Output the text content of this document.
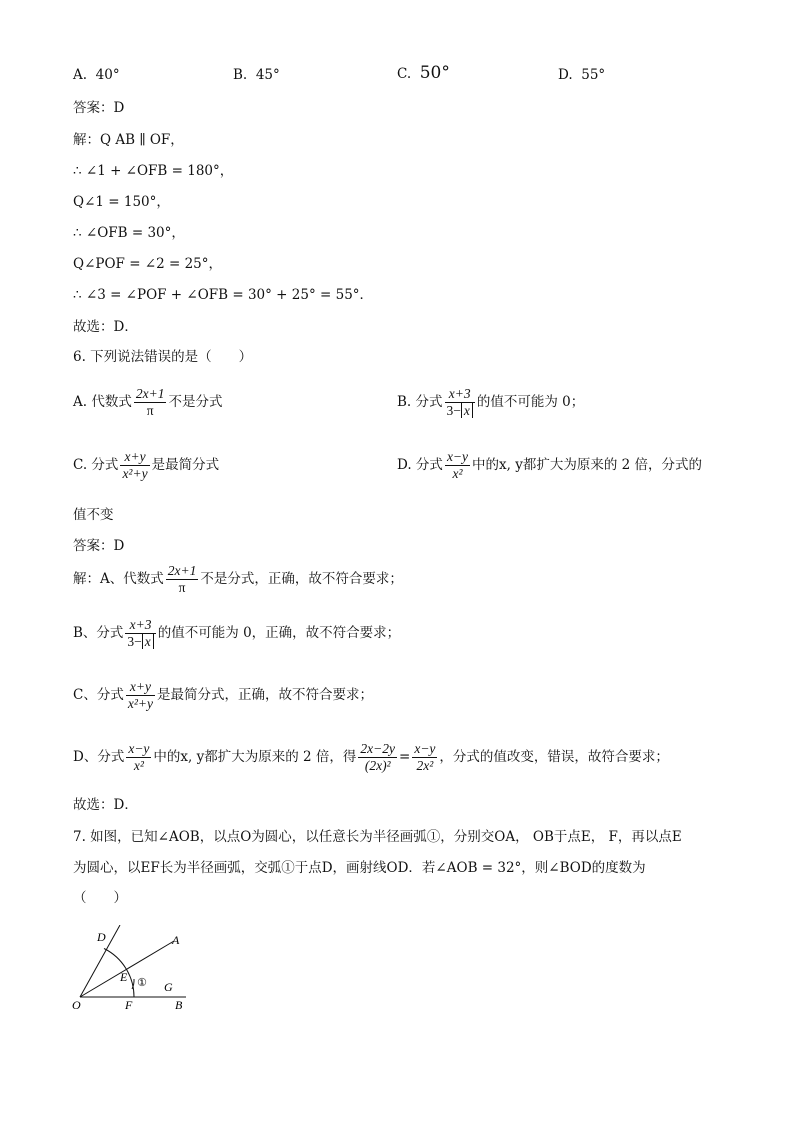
A. 40°	B. 45°	C. 50°	D. 55°
答案：D
解：Q AB ∥ OF，
∴ ∠1 + ∠OFB = 180°，
Q∠1 = 150°，
∴ ∠OFB = 30°，
Q∠POF = ∠2 = 25°，
∴ ∠3 = ∠POF + ∠OFB = 30° + 25° = 55°．
故选：D．
6. 下列说法错误的是（　　）
A. 代数式 $\frac{2x+1}{\pi}$ 不是分式	B. 分式 $\frac{x+3}{3- x}$ 的值不可能为 0；
C. 分式 $\frac{x+y}{\text{x²+y}}$ 是最简分式	D. 分式 $\frac{x-y}{\text{x²}}$ 中的x, y都扩大为原来的 2 倍，分式的
值不变
答案：D
解：A、代数式 $\frac{2x+1}{\pi}$ 不是分式，正确，故不符合要求；
B、分式 $\frac{x+3}{3- x}$ 的值不可能为 0，正确，故不符合要求；
C、分式 $\frac{x+y}{\text{x²+y}}$ 是最简分式，正确，故不符合要求；
D、分式 $\frac{x-y}{\text{x²}}$ 中的x, y都扩大为原来的 2 倍，得 $\frac{2x-2y}{\text{(2x)²}} = \frac{x-y}{\text{2x²}}$ ，分式的值改变，错误，故符合要求；
故选：D．
7. 如图，已知∠AOB，以点O为圆心，以任意长为半径画弧①，分别交OA， OB于点E， F，再以点E
为圆心，以EF长为半径画弧，交弧①于点D，画射线OD．若∠AOB = 32°，则∠BOD的度数为
（　　）
D	A
E ① G
O	F	B
